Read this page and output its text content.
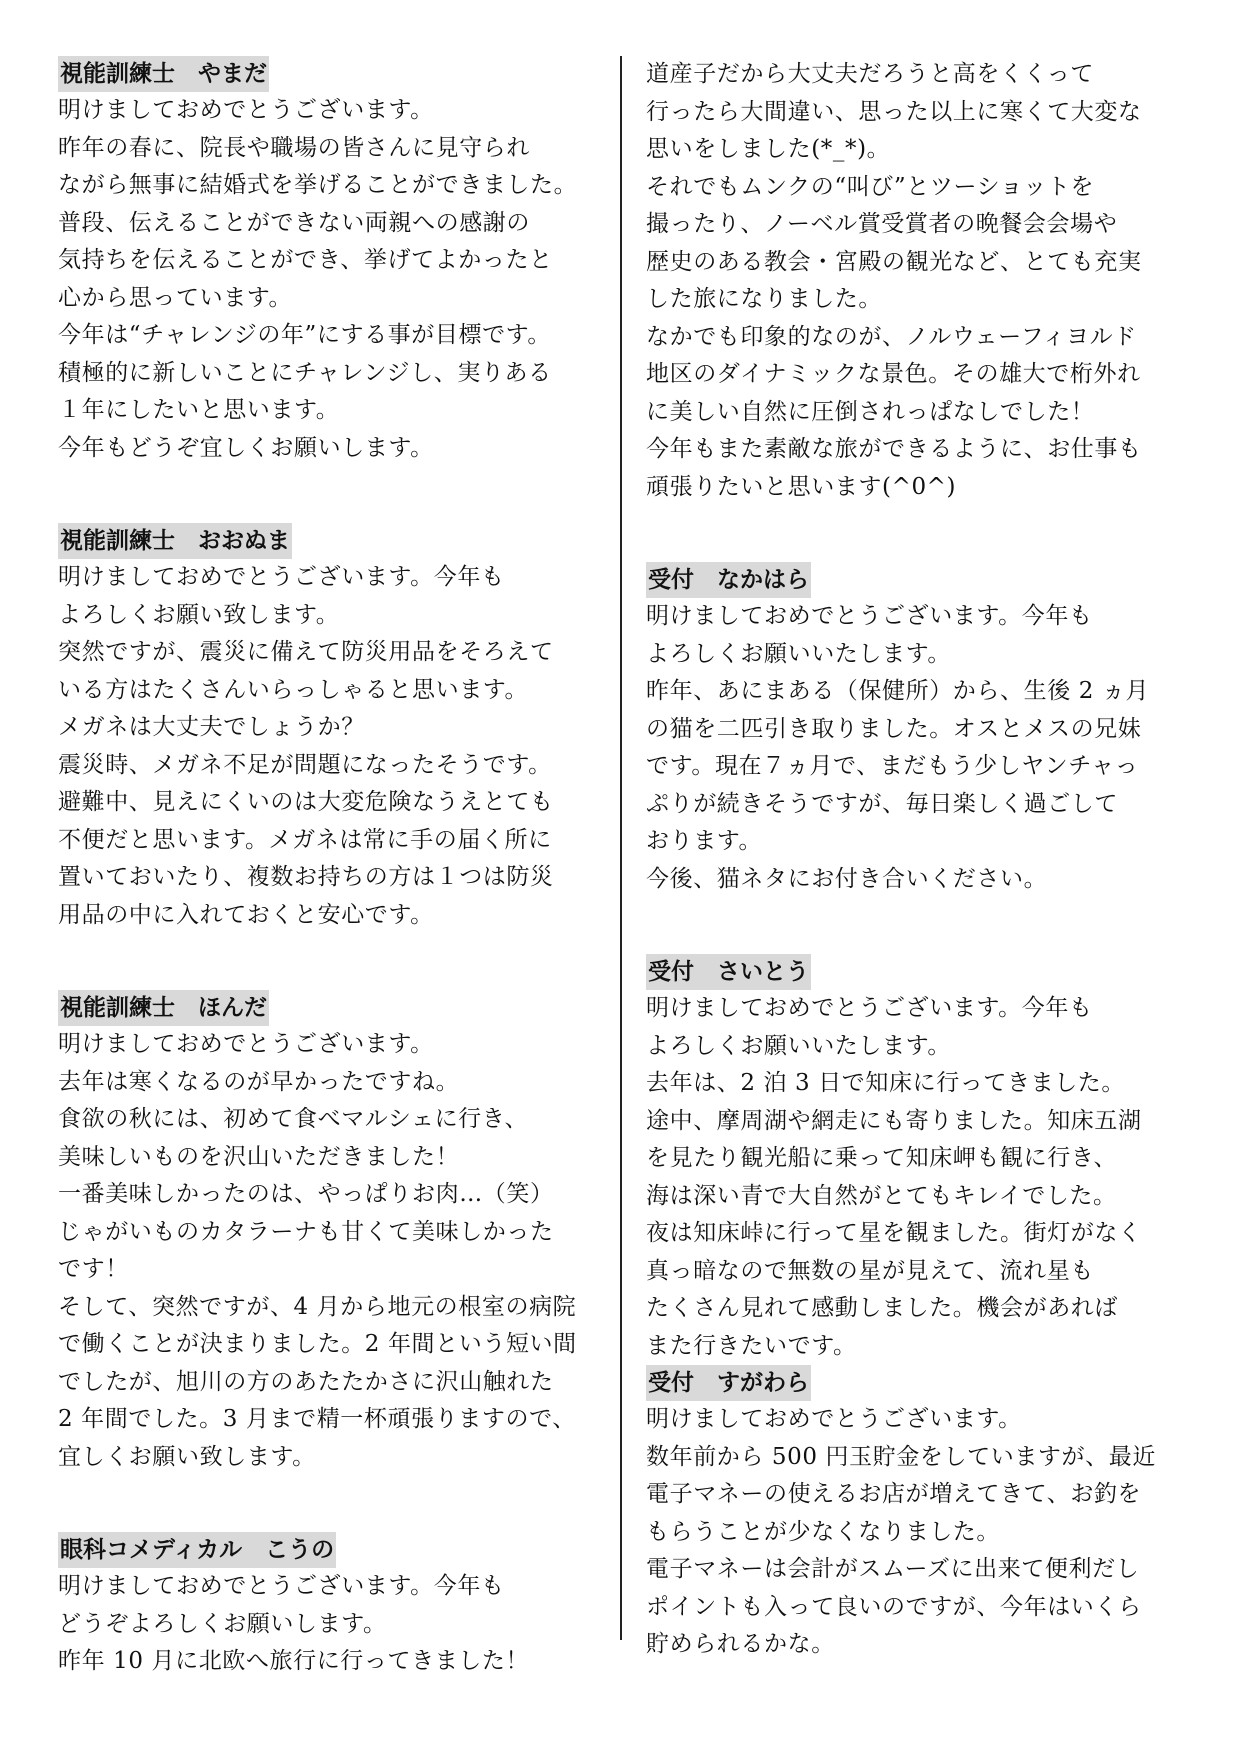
視能訓練士　やまだ
明けましておめでとうございます。
昨年の春に、院長や職場の皆さんに見守られ
ながら無事に結婚式を挙げることができました。
普段、伝えることができない両親への感謝の
気持ちを伝えることができ、挙げてよかったと
心から思っています。
今年は“チャレンジの年”にする事が目標です。
積極的に新しいことにチャレンジし、実りある
１年にしたいと思います。
今年もどうぞ宜しくお願いします。
視能訓練士　おおぬま
明けましておめでとうございます。今年も
よろしくお願い致します。
突然ですが、震災に備えて防災用品をそろえて
いる方はたくさんいらっしゃると思います。
メガネは大丈夫でしょうか？
震災時、メガネ不足が問題になったそうです。
避難中、見えにくいのは大変危険なうえとても
不便だと思います。メガネは常に手の届く所に
置いておいたり、複数お持ちの方は１つは防災
用品の中に入れておくと安心です。
視能訓練士　ほんだ
明けましておめでとうございます。
去年は寒くなるのが早かったですね。
食欲の秋には、初めて食べマルシェに行き、
美味しいものを沢山いただきました！
一番美味しかったのは、やっぱりお肉…（笑）
じゃがいものカタラーナも甘くて美味しかった
です！
そして、突然ですが、4 月から地元の根室の病院
で働くことが決まりました。2 年間という短い間
でしたが、旭川の方のあたたかさに沢山触れた
2 年間でした。3 月まで精一杯頑張りますので、
宜しくお願い致します。
眼科コメディカル　こうの
明けましておめでとうございます。今年も
どうぞよろしくお願いします。
昨年 10 月に北欧へ旅行に行ってきました！
道産子だから大丈夫だろうと高をくくって
行ったら大間違い、思った以上に寒くて大変な
思いをしました(*_*)。
それでもムンクの“叫び”とツーショットを
撮ったり、ノーベル賞受賞者の晩餐会会場や
歴史のある教会・宮殿の観光など、とても充実
した旅になりました。
なかでも印象的なのが、ノルウェーフィヨルド
地区のダイナミックな景色。その雄大で桁外れ
に美しい自然に圧倒されっぱなしでした！
今年もまた素敵な旅ができるように、お仕事も
頑張りたいと思います(^0^)
受付　なかはら
明けましておめでとうございます。今年も
よろしくお願いいたします。
昨年、あにまある（保健所）から、生後 2 ヵ月
の猫を二匹引き取りました。オスとメスの兄妹
です。現在７ヵ月で、まだもう少しヤンチャっ
ぷりが続きそうですが、毎日楽しく過ごして
おります。
今後、猫ネタにお付き合いください。
受付　さいとう
明けましておめでとうございます。今年も
よろしくお願いいたします。
去年は、2 泊 3 日で知床に行ってきました。
途中、摩周湖や網走にも寄りました。知床五湖
を見たり観光船に乗って知床岬も観に行き、
海は深い青で大自然がとてもキレイでした。
夜は知床峠に行って星を観ました。街灯がなく
真っ暗なので無数の星が見えて、流れ星も
たくさん見れて感動しました。機会があれば
また行きたいです。
受付　すがわら
明けましておめでとうございます。
数年前から 500 円玉貯金をしていますが、最近
電子マネーの使えるお店が増えてきて、お釣を
もらうことが少なくなりました。
電子マネーは会計がスムーズに出来て便利だし
ポイントも入って良いのですが、今年はいくら
貯められるかな。
